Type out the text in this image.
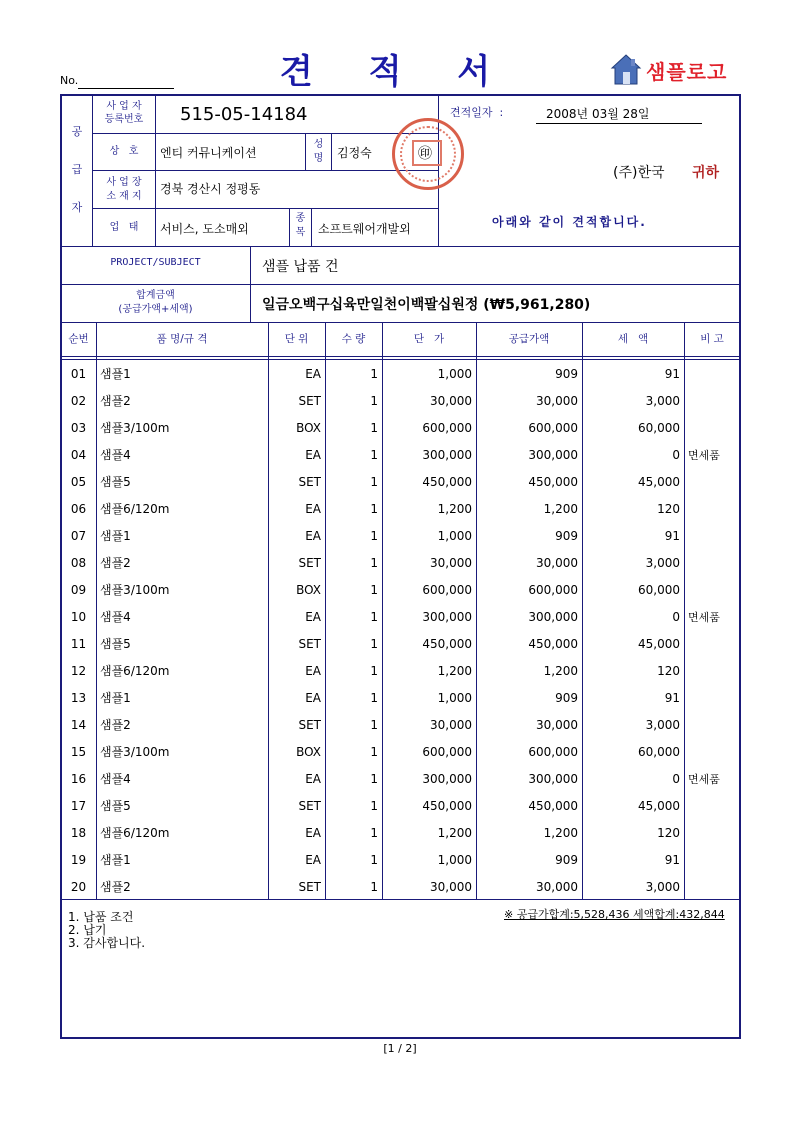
견 적 서
No.	샘플로고
공
급
자
사 업 자
등록번호	515-05-14184
상   호	엔티 커뮤니케이션
성
명	김정숙	㊞
사 업 장
소 재 지
경북 경산시 정평동
업   태	서비스, 도소매외
종
목	소프트웨어개발외
견적일자  :	2008년 03월 28일
(주)한국 귀하
아래와 같이 견적합니다.
PROJECT/SUBJECT	샘플 납품 건
합계금액
(공급가액+세액)	일금오백구십육만일천이백팔십원정 (₩5,961,280)
순번	품 명/규 격	단 위	수 량	단   가	공급가액	세   액	비 고
01	샘플1	EA	1	1,000	909	91
02	샘플2	SET	1	30,000	30,000	3,000
03	샘플3/100m	BOX	1	600,000	600,000	60,000
04	샘플4	EA	1	300,000	300,000	0 면세품
05	샘플5	SET	1	450,000	450,000	45,000
06	샘플6/120m	EA	1	1,200	1,200	120
07	샘플1	EA	1	1,000	909	91
08	샘플2	SET	1	30,000	30,000	3,000
09	샘플3/100m	BOX	1	600,000	600,000	60,000
10	샘플4	EA	1	300,000	300,000	0 면세품
11	샘플5	SET	1	450,000	450,000	45,000
12	샘플6/120m	EA	1	1,200	1,200	120
13	샘플1	EA	1	1,000	909	91
14	샘플2	SET	1	30,000	30,000	3,000
15	샘플3/100m	BOX	1	600,000	600,000	60,000
16	샘플4	EA	1	300,000	300,000	0 면세품
17	샘플5	SET	1	450,000	450,000	45,000
18	샘플6/120m	EA	1	1,200	1,200	120
19	샘플1	EA	1	1,000	909	91
20	샘플2	SET	1	30,000	30,000	3,000
1. 납품 조건
2. 납기
3. 감사합니다.
※ 공급가합계:5,528,436 세액합계:432,844
[1 / 2]
